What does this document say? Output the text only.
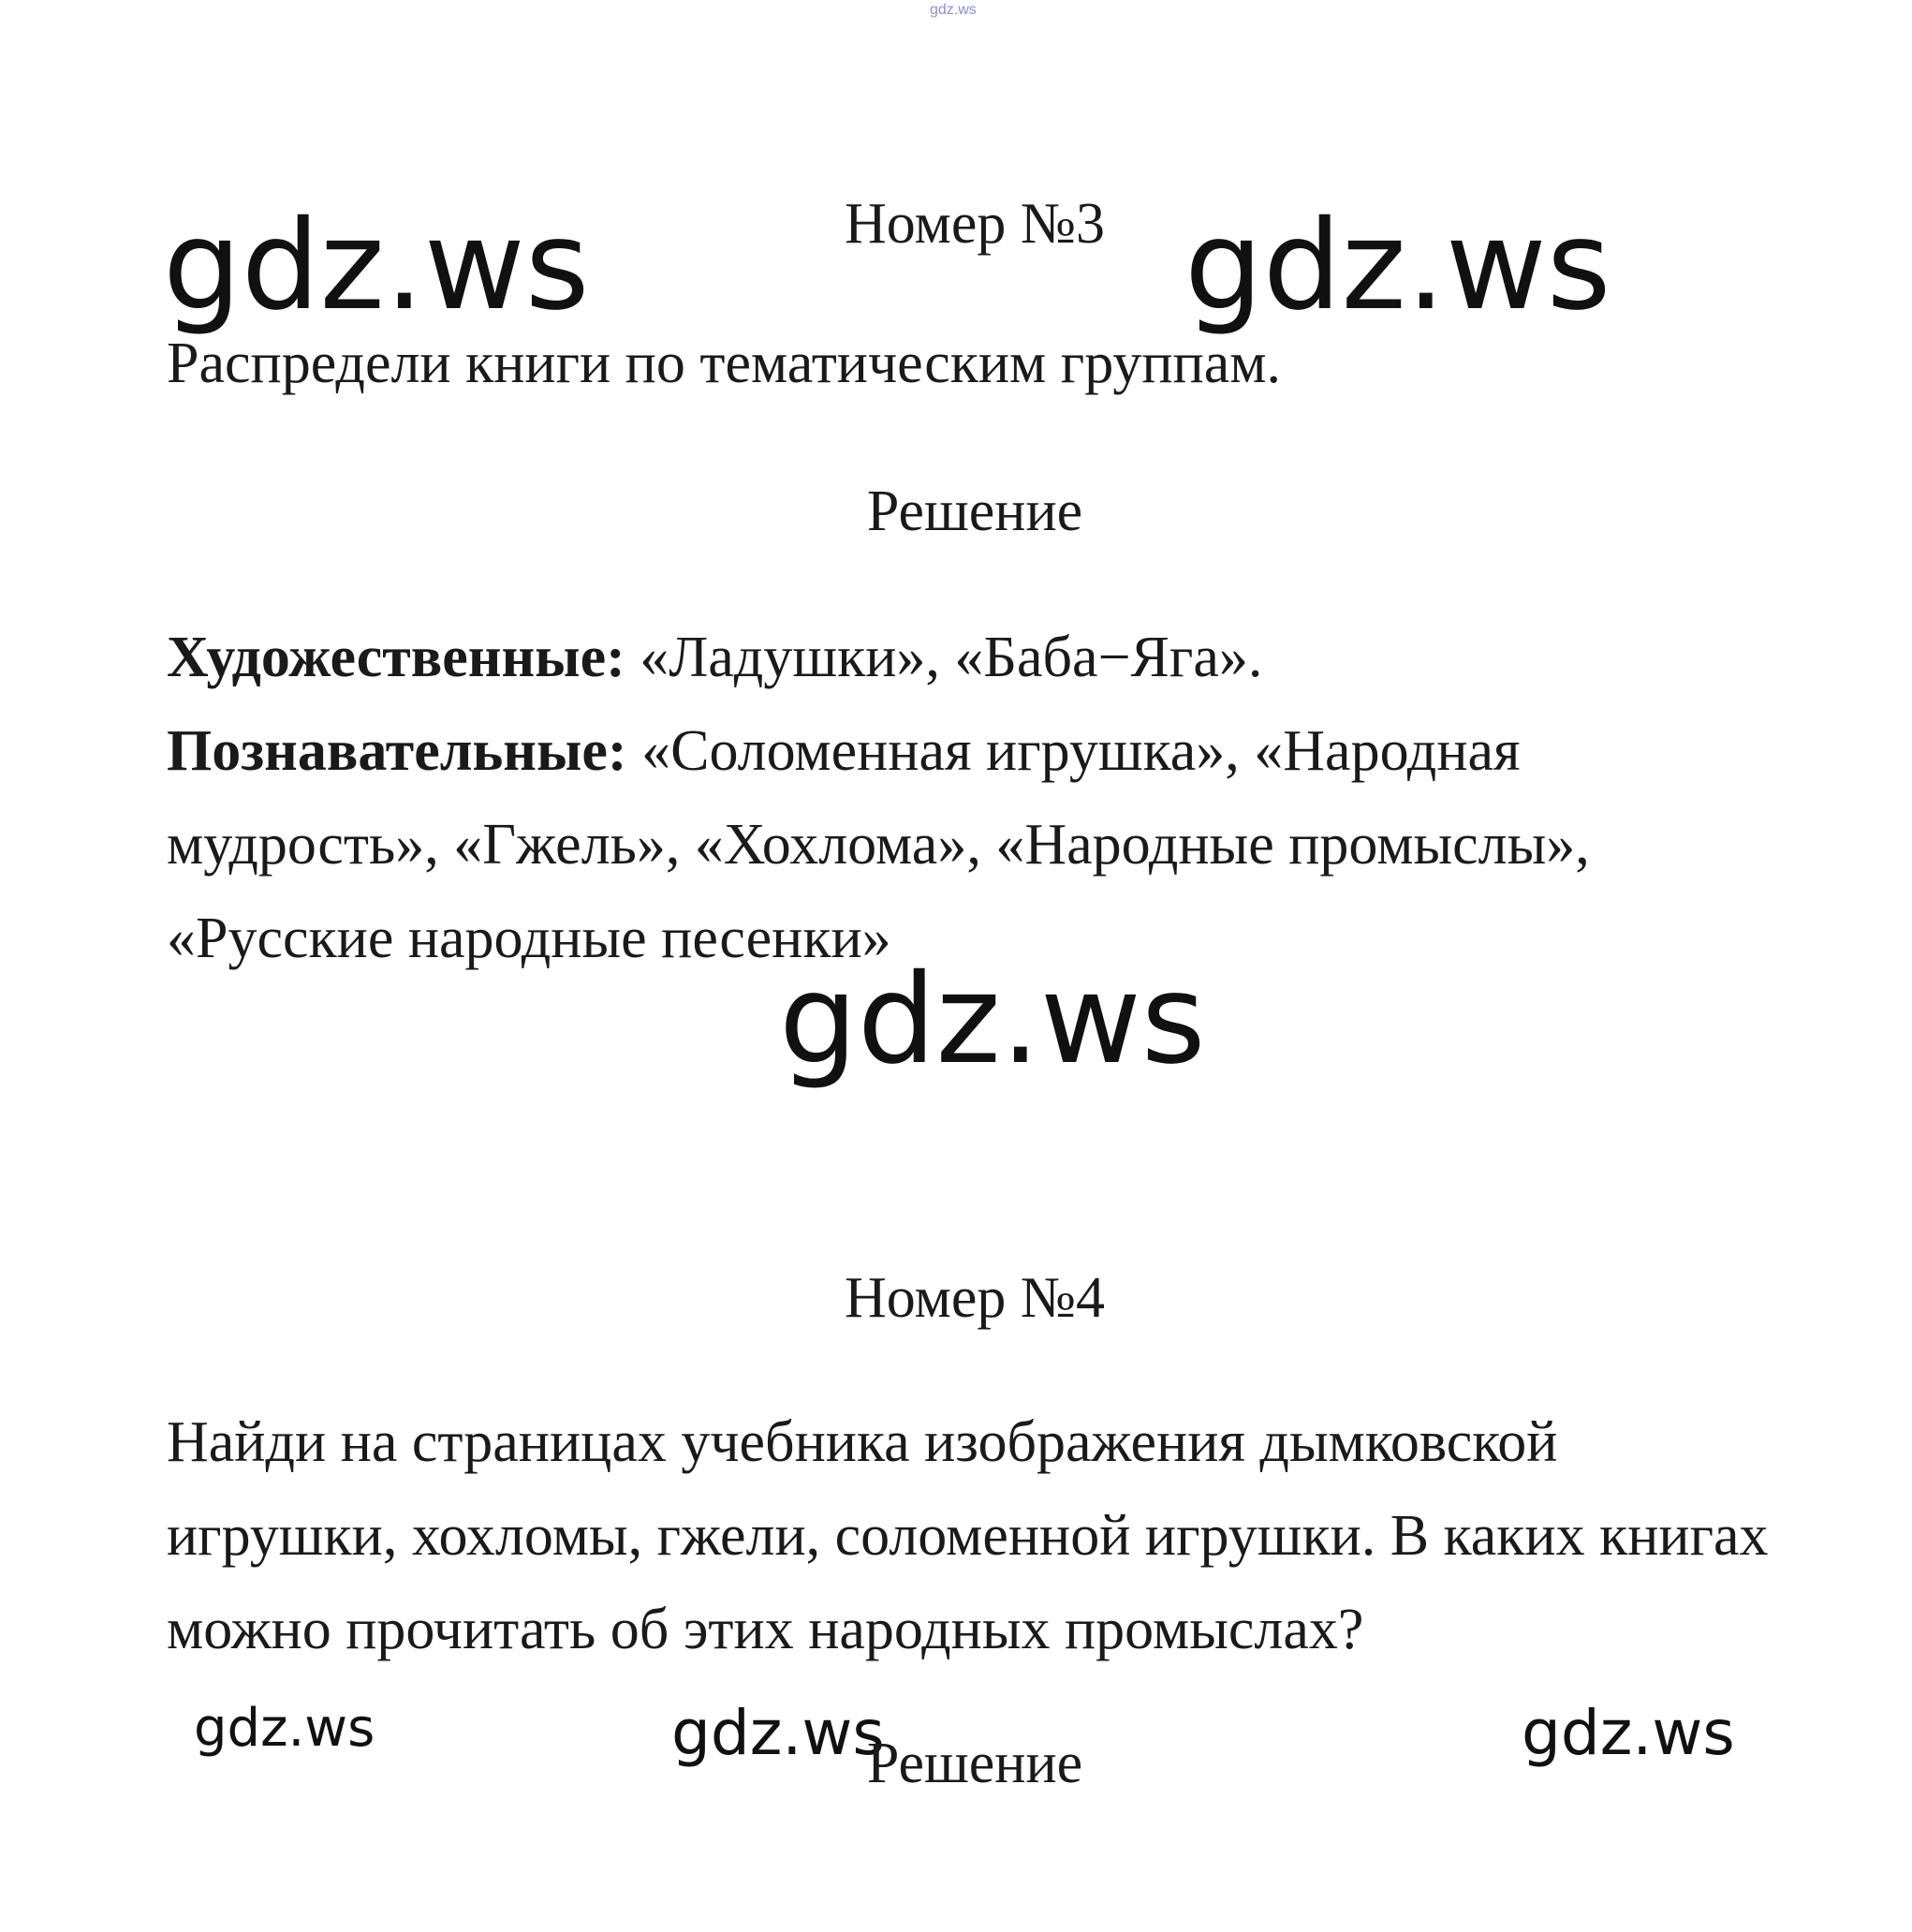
gdz.ws
Номер №3
gdz.ws	gdz.ws
Распредели книги по тематическим группам.
Решение
Художественные: «Ладушки», «Баба−Яга».
Познавательные: «Соломенная игрушка», «Народная мудрость», «Гжель», «Хохлома», «Народные промыслы», «Русские народные песенки»
gdz.ws
Номер №4
Найди на страницах учебника изображения дымковской игрушки, хохломы, гжели, соломенной игрушки. В каких книгах можно прочитать об этих народных промыслах?
gdz.ws	gdz.ws	gdz.ws
Решение
